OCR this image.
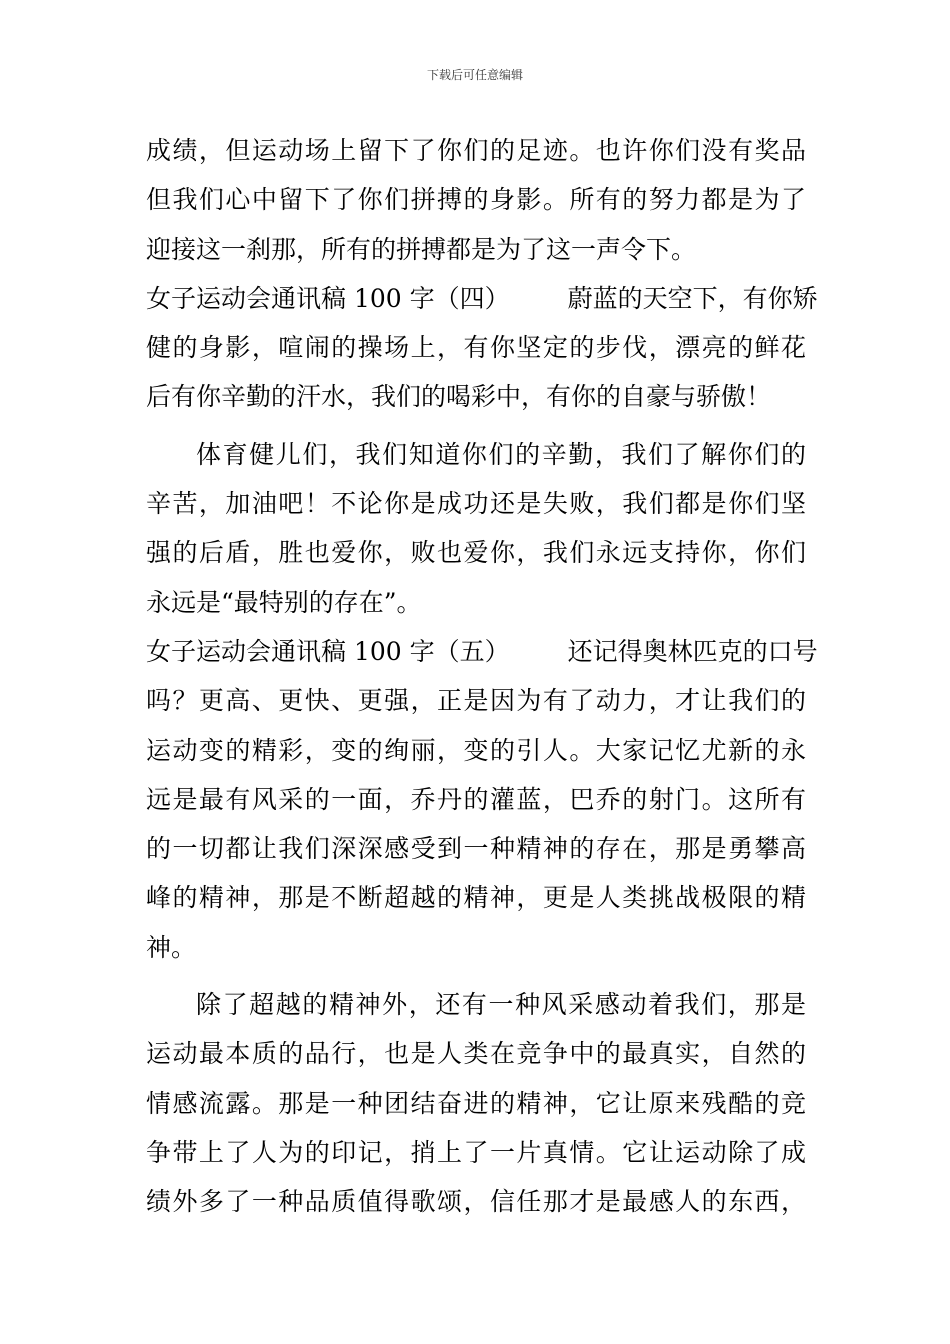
下载后可任意编辑
成绩，但运动场上留下了你们的足迹。也许你们没有奖品
但我们心中留下了你们拼搏的身影。所有的努力都是为了
迎接这一刹那，所有的拼搏都是为了这一声令下。
女子运动会通讯稿 100 字（四） 蔚蓝的天空下，有你矫
健的身影，喧闹的操场上，有你坚定的步伐，漂亮的鲜花
后有你辛勤的汗水，我们的喝彩中，有你的自豪与骄傲！
体育健儿们，我们知道你们的辛勤，我们了解你们的
辛苦，加油吧！不论你是成功还是失败，我们都是你们坚
强的后盾，胜也爱你，败也爱你，我们永远支持你，你们
永远是“最特别的存在”。
女子运动会通讯稿 100 字（五） 还记得奥林匹克的口号
吗？更高、更快、更强，正是因为有了动力，才让我们的
运动变的精彩，变的绚丽，变的引人。大家记忆尤新的永
远是最有风采的一面，乔丹的灌蓝，巴乔的射门。这所有
的一切都让我们深深感受到一种精神的存在，那是勇攀高
峰的精神，那是不断超越的精神，更是人类挑战极限的精
神。
除了超越的精神外，还有一种风采感动着我们，那是
运动最本质的品行，也是人类在竞争中的最真实，自然的
情感流露。那是一种团结奋进的精神，它让原来残酷的竞
争带上了人为的印记，捎上了一片真情。它让运动除了成
绩外多了一种品质值得歌颂，信任那才是最感人的东西，
